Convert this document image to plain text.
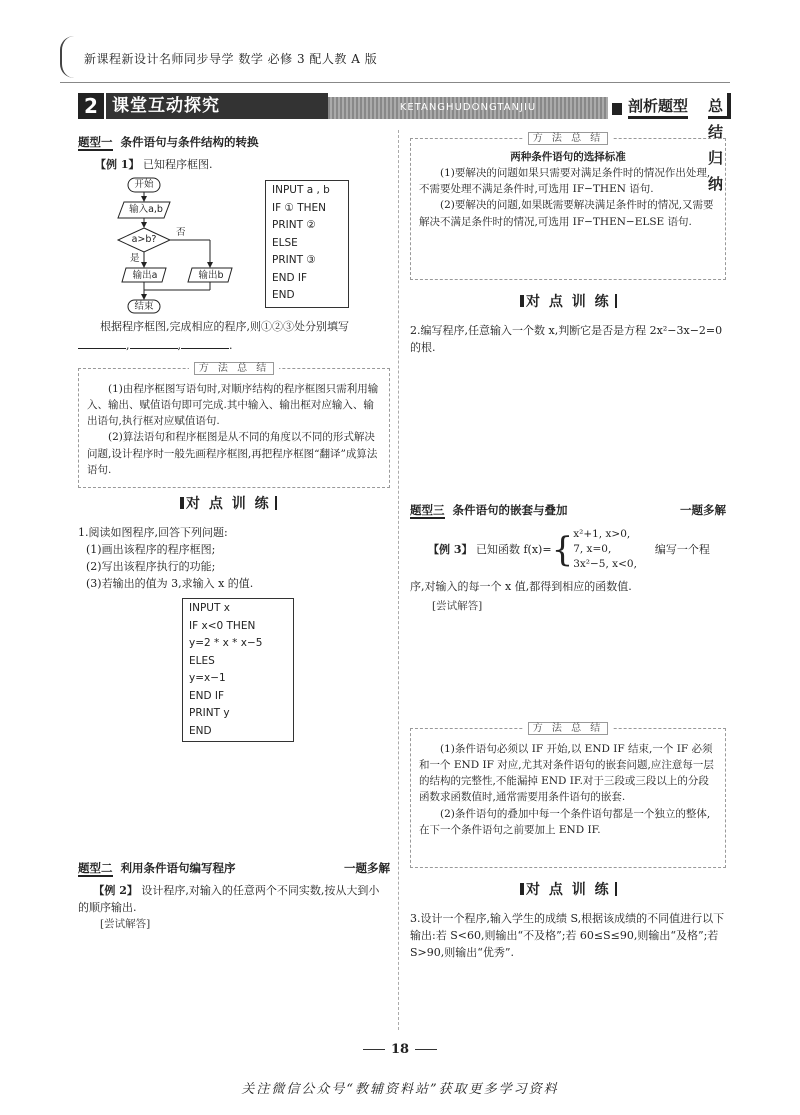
新课程新设计名师同步导学 数学 必修 3 配人教 A 版
2 课堂互动探究	KETANGHUDONGTANJIU	剖析题型 总结归纳
题型一 条件语句与条件结构的转换
【例 1】 已知程序框图.
开始
输入a,b
a>b?
否
是
输出a	输出b
结束
INPUT a , b
IF ① THEN
PRINT ②
ELSE
PRINT ③
END IF
END
根据程序框图,完成相应的程序,则①②③处分别填写
,	,	.
方 法 总 结
(1)由程序框图写语句时,对顺序结构的程序框图只需利用输入、输出、赋值语句即可完成.其中输入、输出框对应输入、输出语句,执行框对应赋值语句.
(2)算法语句和程序框图是从不同的角度以不同的形式解决问题,设计程序时一般先画程序框图,再把程序框图“翻译”成算法语句.
对 点 训 练
1.阅读如图程序,回答下列问题:
(1)画出该程序的程序框图;
(2)写出该程序执行的功能;
(3)若输出的值为 3,求输入 x 的值.
INPUT x
IF x<0 THEN
y=2 * x * x−5
ELES
y=x−1
END IF
PRINT y
END
题型二 利用条件语句编写程序	一题多解
【例 2】 设计程序,对输入的任意两个不同实数,按从大到小的顺序输出.
[尝试解答]
方 法 总 结
两种条件语句的选择标准
(1)要解决的问题如果只需要对满足条件时的情况作出处理,不需要处理不满足条件时,可选用 IF−THEN 语句.
(2)要解决的问题,如果既需要解决满足条件时的情况,又需要解决不满足条件时的情况,可选用 IF−THEN−ELSE 语句.
对 点 训 练
2.编写程序,任意输入一个数 x,判断它是否是方程 2x²−3x−2=0 的根.
题型三 条件语句的嵌套与叠加	一题多解
【例 3】 已知函数 f(x)=	{	x²+1, x>0,
7, x=0,
3x²−5, x<0,
	编写一个程
序,对输入的每一个 x 值,都得到相应的函数值.
[尝试解答]
方 法 总 结
(1)条件语句必须以 IF 开始,以 END IF 结束,一个 IF 必须和一个 END IF 对应,尤其对条件语句的嵌套问题,应注意每一层的结构的完整性,不能漏掉 END IF.对于三段或三段以上的分段函数求函数值时,通常需要用条件语句的嵌套.
(2)条件语句的叠加中每一个条件语句都是一个独立的整体,在下一个条件语句之前要加上 END IF.
对 点 训 练
3.设计一个程序,输入学生的成绩 S,根据该成绩的不同值进行以下输出:若 S<60,则输出“不及格”;若 60≤S≤90,则输出“及格”;若 S>90,则输出“优秀”.
18
关注微信公众号“教辅资料站”获取更多学习资料
